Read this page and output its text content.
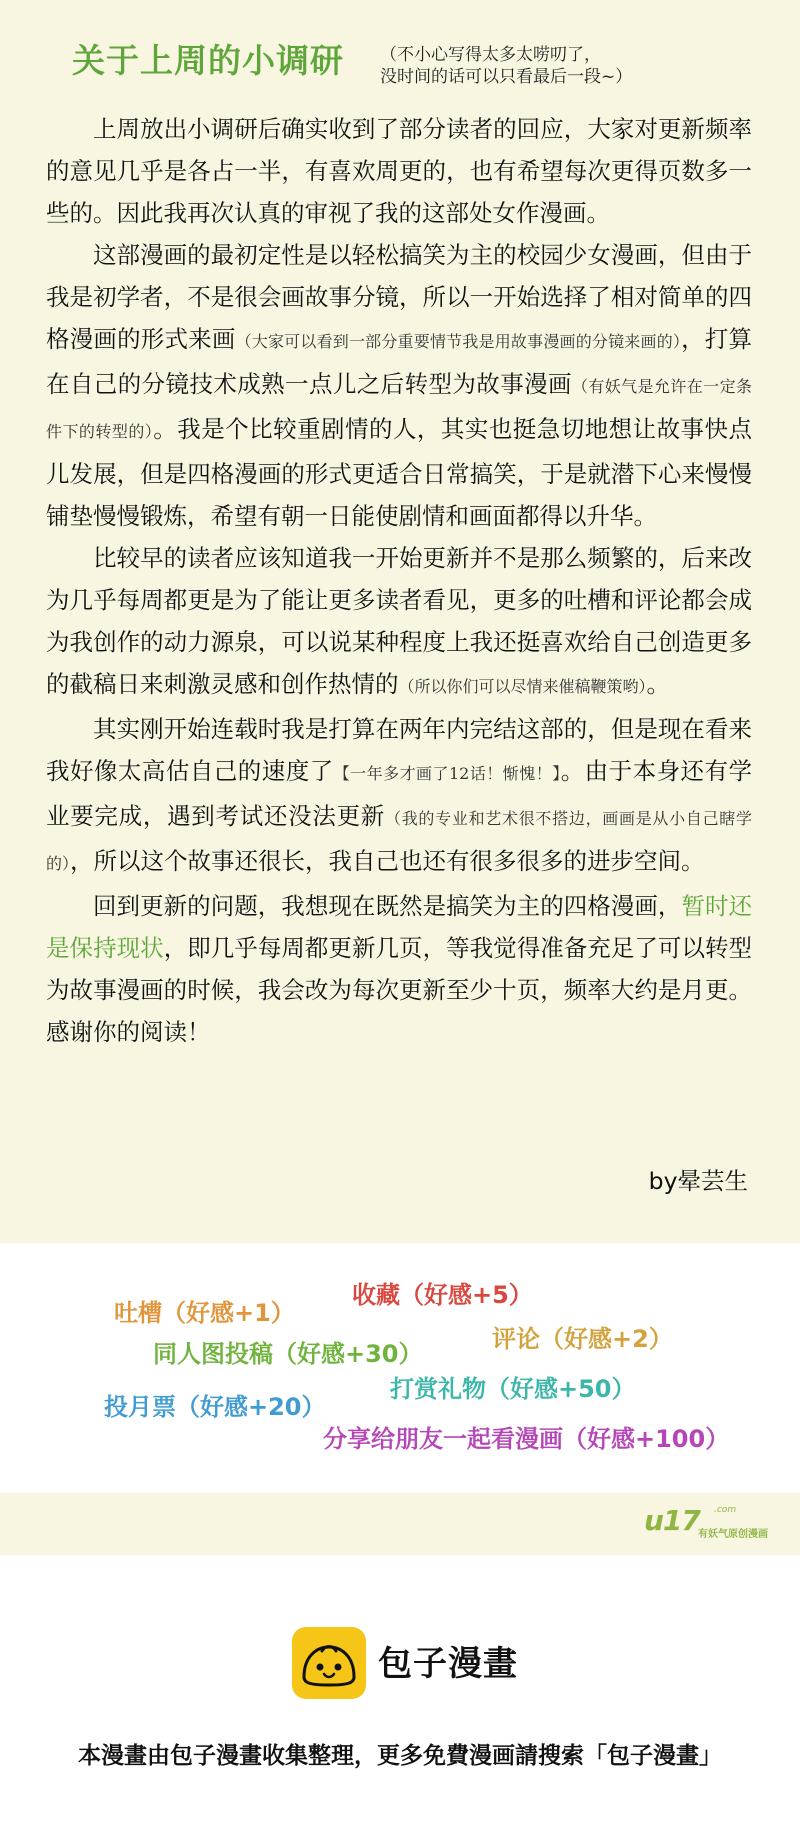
关于上周的小调研 （不小心写得太多太唠叨了，
没时间的话可以只看最后一段~）

上周放出小调研后确实收到了部分读者的回应，大家对更新频率的意见几乎是各占一半，有喜欢周更的，也有希望每次更得页数多一些的。因此我再次认真的审视了我的这部处女作漫画。

这部漫画的最初定性是以轻松搞笑为主的校园少女漫画，但由于我是初学者，不是很会画故事分镜，所以一开始选择了相对简单的四格漫画的形式来画（大家可以看到一部分重要情节我是用故事漫画的分镜来画的），打算在自己的分镜技术成熟一点儿之后转型为故事漫画（有妖气是允许在一定条件下的转型的）。我是个比较重剧情的人，其实也挺急切地想让故事快点儿发展，但是四格漫画的形式更适合日常搞笑，于是就潜下心来慢慢铺垫慢慢锻炼，希望有朝一日能使剧情和画面都得以升华。

比较早的读者应该知道我一开始更新并不是那么频繁的，后来改为几乎每周都更是为了能让更多读者看见，更多的吐槽和评论都会成为我创作的动力源泉，可以说某种程度上我还挺喜欢给自己创造更多的截稿日来刺激灵感和创作热情的（所以你们可以尽情来催稿鞭策哟）。

其实刚开始连载时我是打算在两年内完结这部的，但是现在看来我好像太高估自己的速度了【一年多才画了12话！惭愧！】。由于本身还有学业要完成，遇到考试还没法更新（我的专业和艺术很不搭边，画画是从小自己瞎学的），所以这个故事还很长，我自己也还有很多很多的进步空间。

回到更新的问题，我想现在既然是搞笑为主的四格漫画，暂时还是保持现状，即几乎每周都更新几页，等我觉得准备充足了可以转型为故事漫画的时候，我会改为每次更新至少十页，频率大约是月更。感谢你的阅读！

by晕芸生
收藏（好感+5）
吐槽（好感+1）
评论（好感+2）
同人图投稿（好感+30）
打赏礼物（好感+50）
投月票（好感+20）
分享给朋友一起看漫画（好感+100）
u17 .com
有妖气原创漫画
包子漫畫
本漫畫由包子漫畫收集整理，更多免費漫画請搜索「包子漫畫」
